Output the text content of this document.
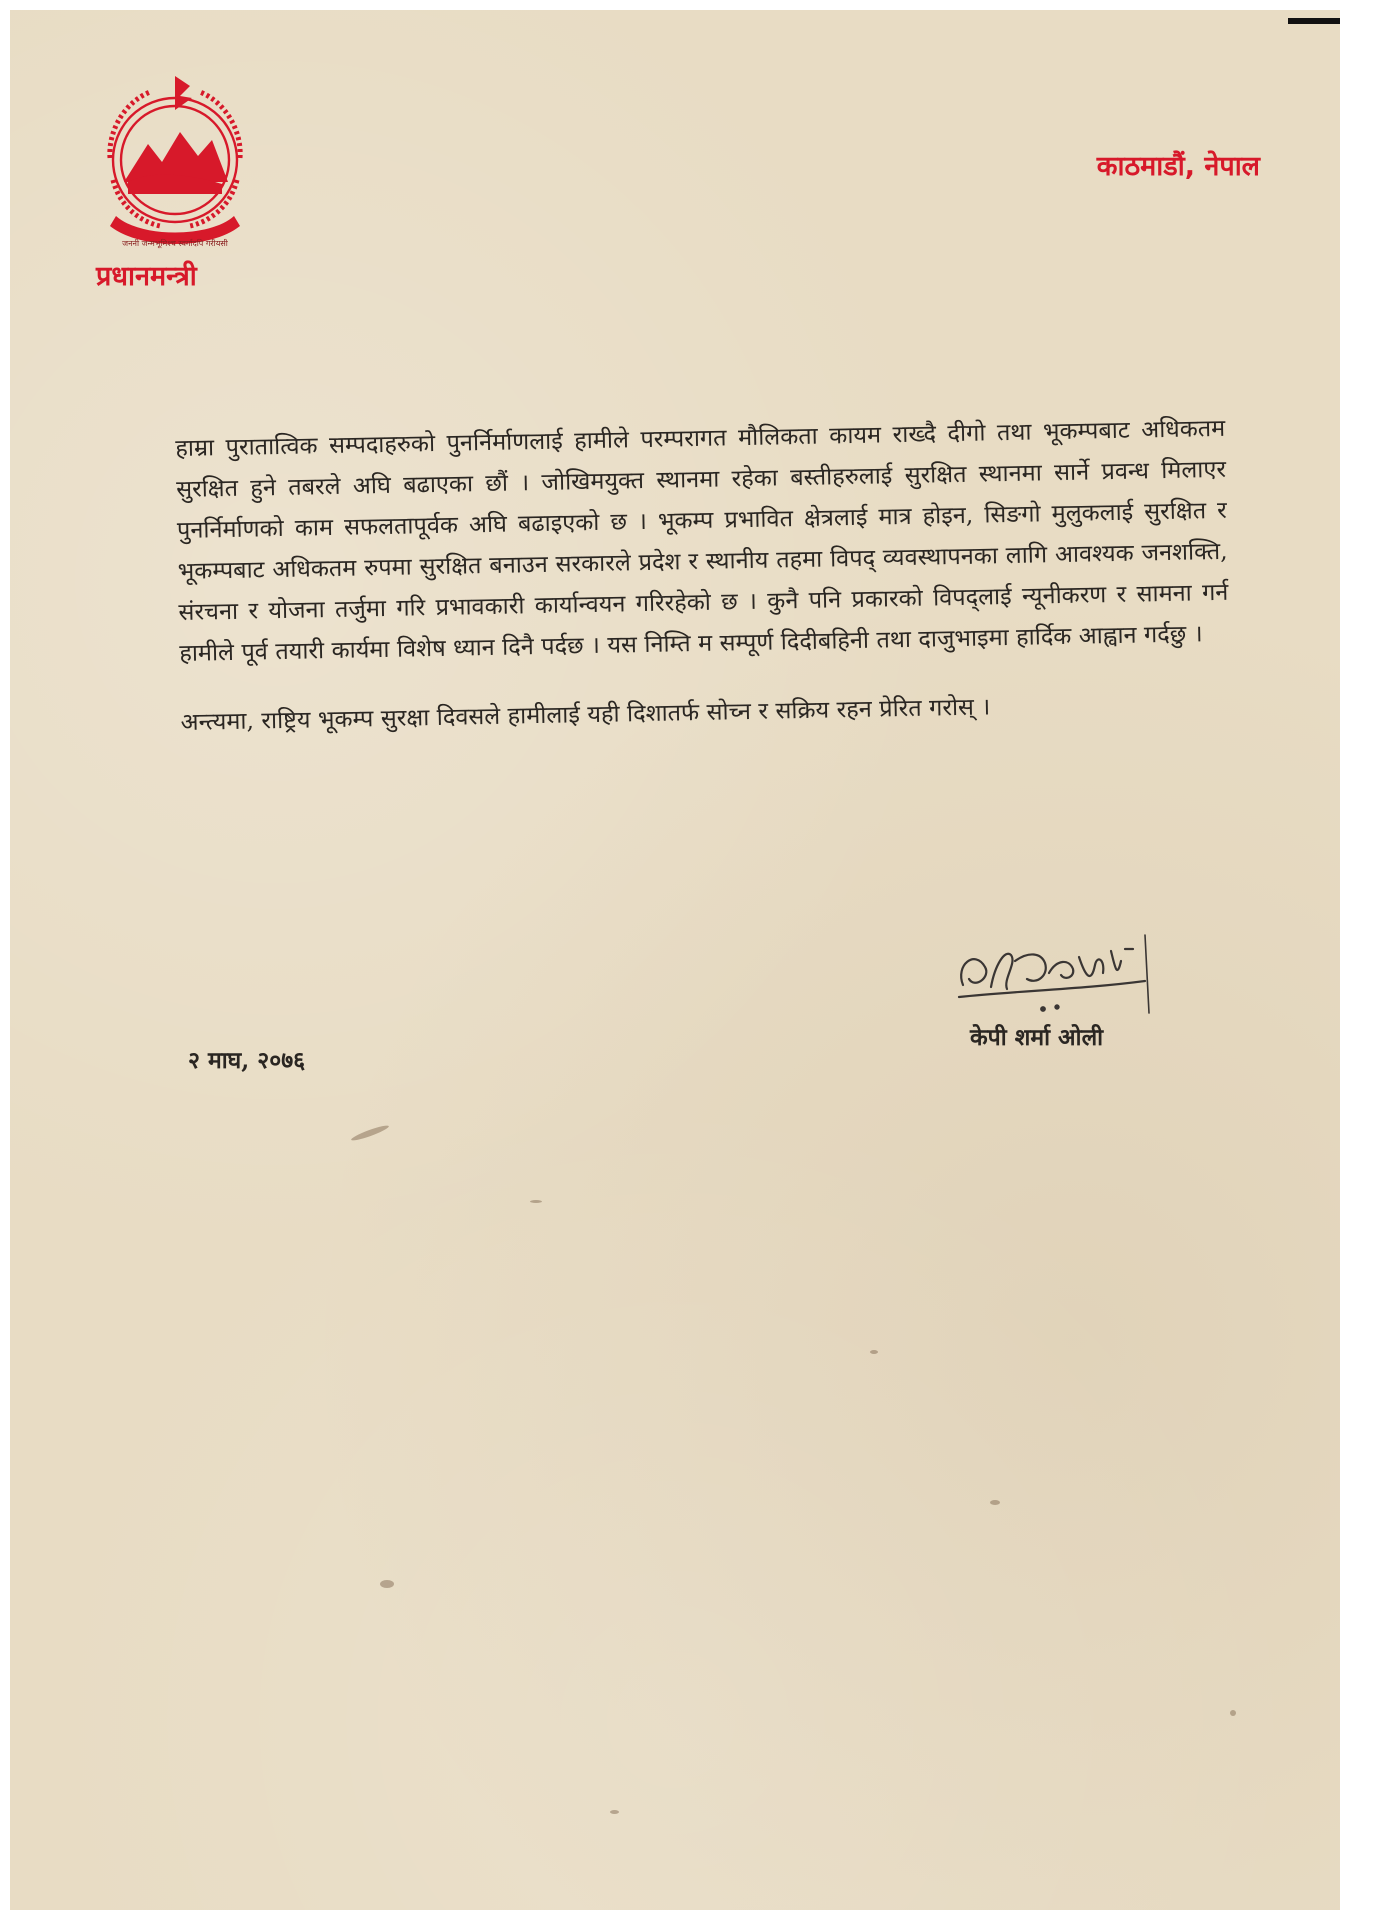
जननी जन्मभूमिश्च स्वर्गादपि गरीयसी
प्रधानमन्त्री
काठमाडौं, नेपाल

हाम्रा पुरातात्विक सम्पदाहरुको पुनर्निर्माणलाई हामीले परम्परागत मौलिकता कायम राख्दै दीगो तथा भूकम्पबाट अधिकतम सुरक्षित हुने तबरले अघि बढाएका छौं । जोखिमयुक्त स्थानमा रहेका बस्तीहरुलाई सुरक्षित स्थानमा सार्ने प्रवन्ध मिलाएर पुनर्निर्माणको काम सफलतापूर्वक अघि बढाइएको छ । भूकम्प प्रभावित क्षेत्रलाई मात्र होइन, सिङगो मुलुकलाई सुरक्षित र भूकम्पबाट अधिकतम रुपमा सुरक्षित बनाउन सरकारले प्रदेश र स्थानीय तहमा विपद् व्यवस्थापनका लागि आवश्यक जनशक्ति, संरचना र योजना तर्जुमा गरि प्रभावकारी कार्यान्वयन गरिरहेको छ । कुनै पनि प्रकारको विपद्लाई न्यूनीकरण र सामना गर्न हामीले पूर्व तयारी कार्यमा विशेष ध्यान दिनै पर्दछ । यस निम्ति म सम्पूर्ण दिदीबहिनी तथा दाजुभाइमा हार्दिक आह्वान गर्दछु ।

अन्त्यमा, राष्ट्रिय भूकम्प सुरक्षा दिवसले हामीलाई यही दिशातर्फ सोच्न र सक्रिय रहन प्रेरित गरोस् ।

केपी शर्मा ओली
२ माघ, २०७६
